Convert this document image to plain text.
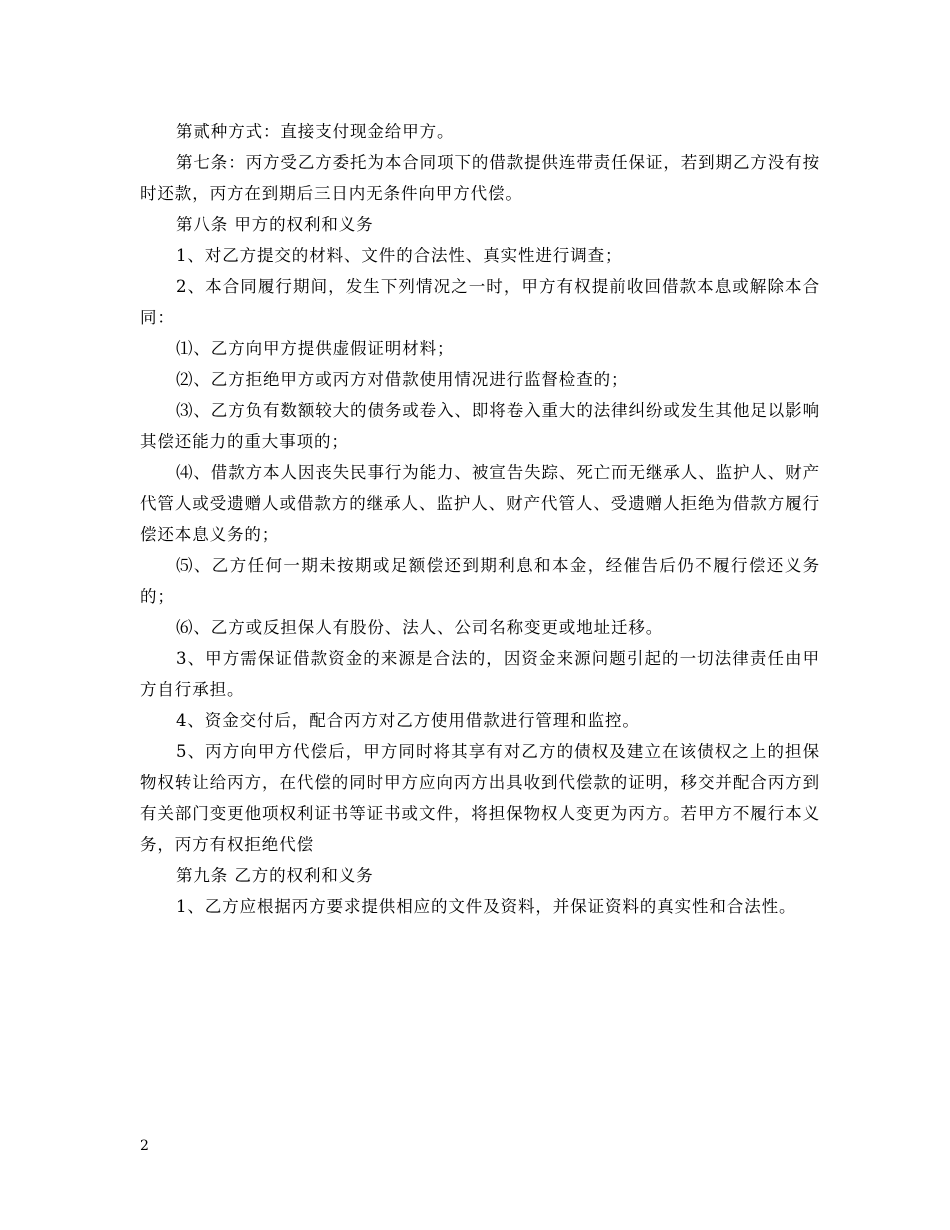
第贰种方式：直接支付现金给甲方。

第七条：丙方受乙方委托为本合同项下的借款提供连带责任保证，若到期乙方没有按时还款，丙方在到期后三日内无条件向甲方代偿。

第八条 甲方的权利和义务

1、对乙方提交的材料、文件的合法性、真实性进行调查；

2、本合同履行期间，发生下列情况之一时，甲方有权提前收回借款本息或解除本合同：

⑴、乙方向甲方提供虚假证明材料；

⑵、乙方拒绝甲方或丙方对借款使用情况进行监督检查的；

⑶、乙方负有数额较大的债务或卷入、即将卷入重大的法律纠纷或发生其他足以影响其偿还能力的重大事项的；

⑷、借款方本人因丧失民事行为能力、被宣告失踪、死亡而无继承人、监护人、财产代管人或受遗赠人或借款方的继承人、监护人、财产代管人、受遗赠人拒绝为借款方履行偿还本息义务的；

⑸、乙方任何一期未按期或足额偿还到期利息和本金，经催告后仍不履行偿还义务的；

⑹、乙方或反担保人有股份、法人、公司名称变更或地址迁移。

3、甲方需保证借款资金的来源是合法的，因资金来源问题引起的一切法律责任由甲方自行承担。

4、资金交付后，配合丙方对乙方使用借款进行管理和监控。

5、丙方向甲方代偿后，甲方同时将其享有对乙方的债权及建立在该债权之上的担保物权转让给丙方，在代偿的同时甲方应向丙方出具收到代偿款的证明，移交并配合丙方到有关部门变更他项权利证书等证书或文件，将担保物权人变更为丙方。若甲方不履行本义务，丙方有权拒绝代偿

第九条 乙方的权利和义务

1、乙方应根据丙方要求提供相应的文件及资料，并保证资料的真实性和合法性。

2
